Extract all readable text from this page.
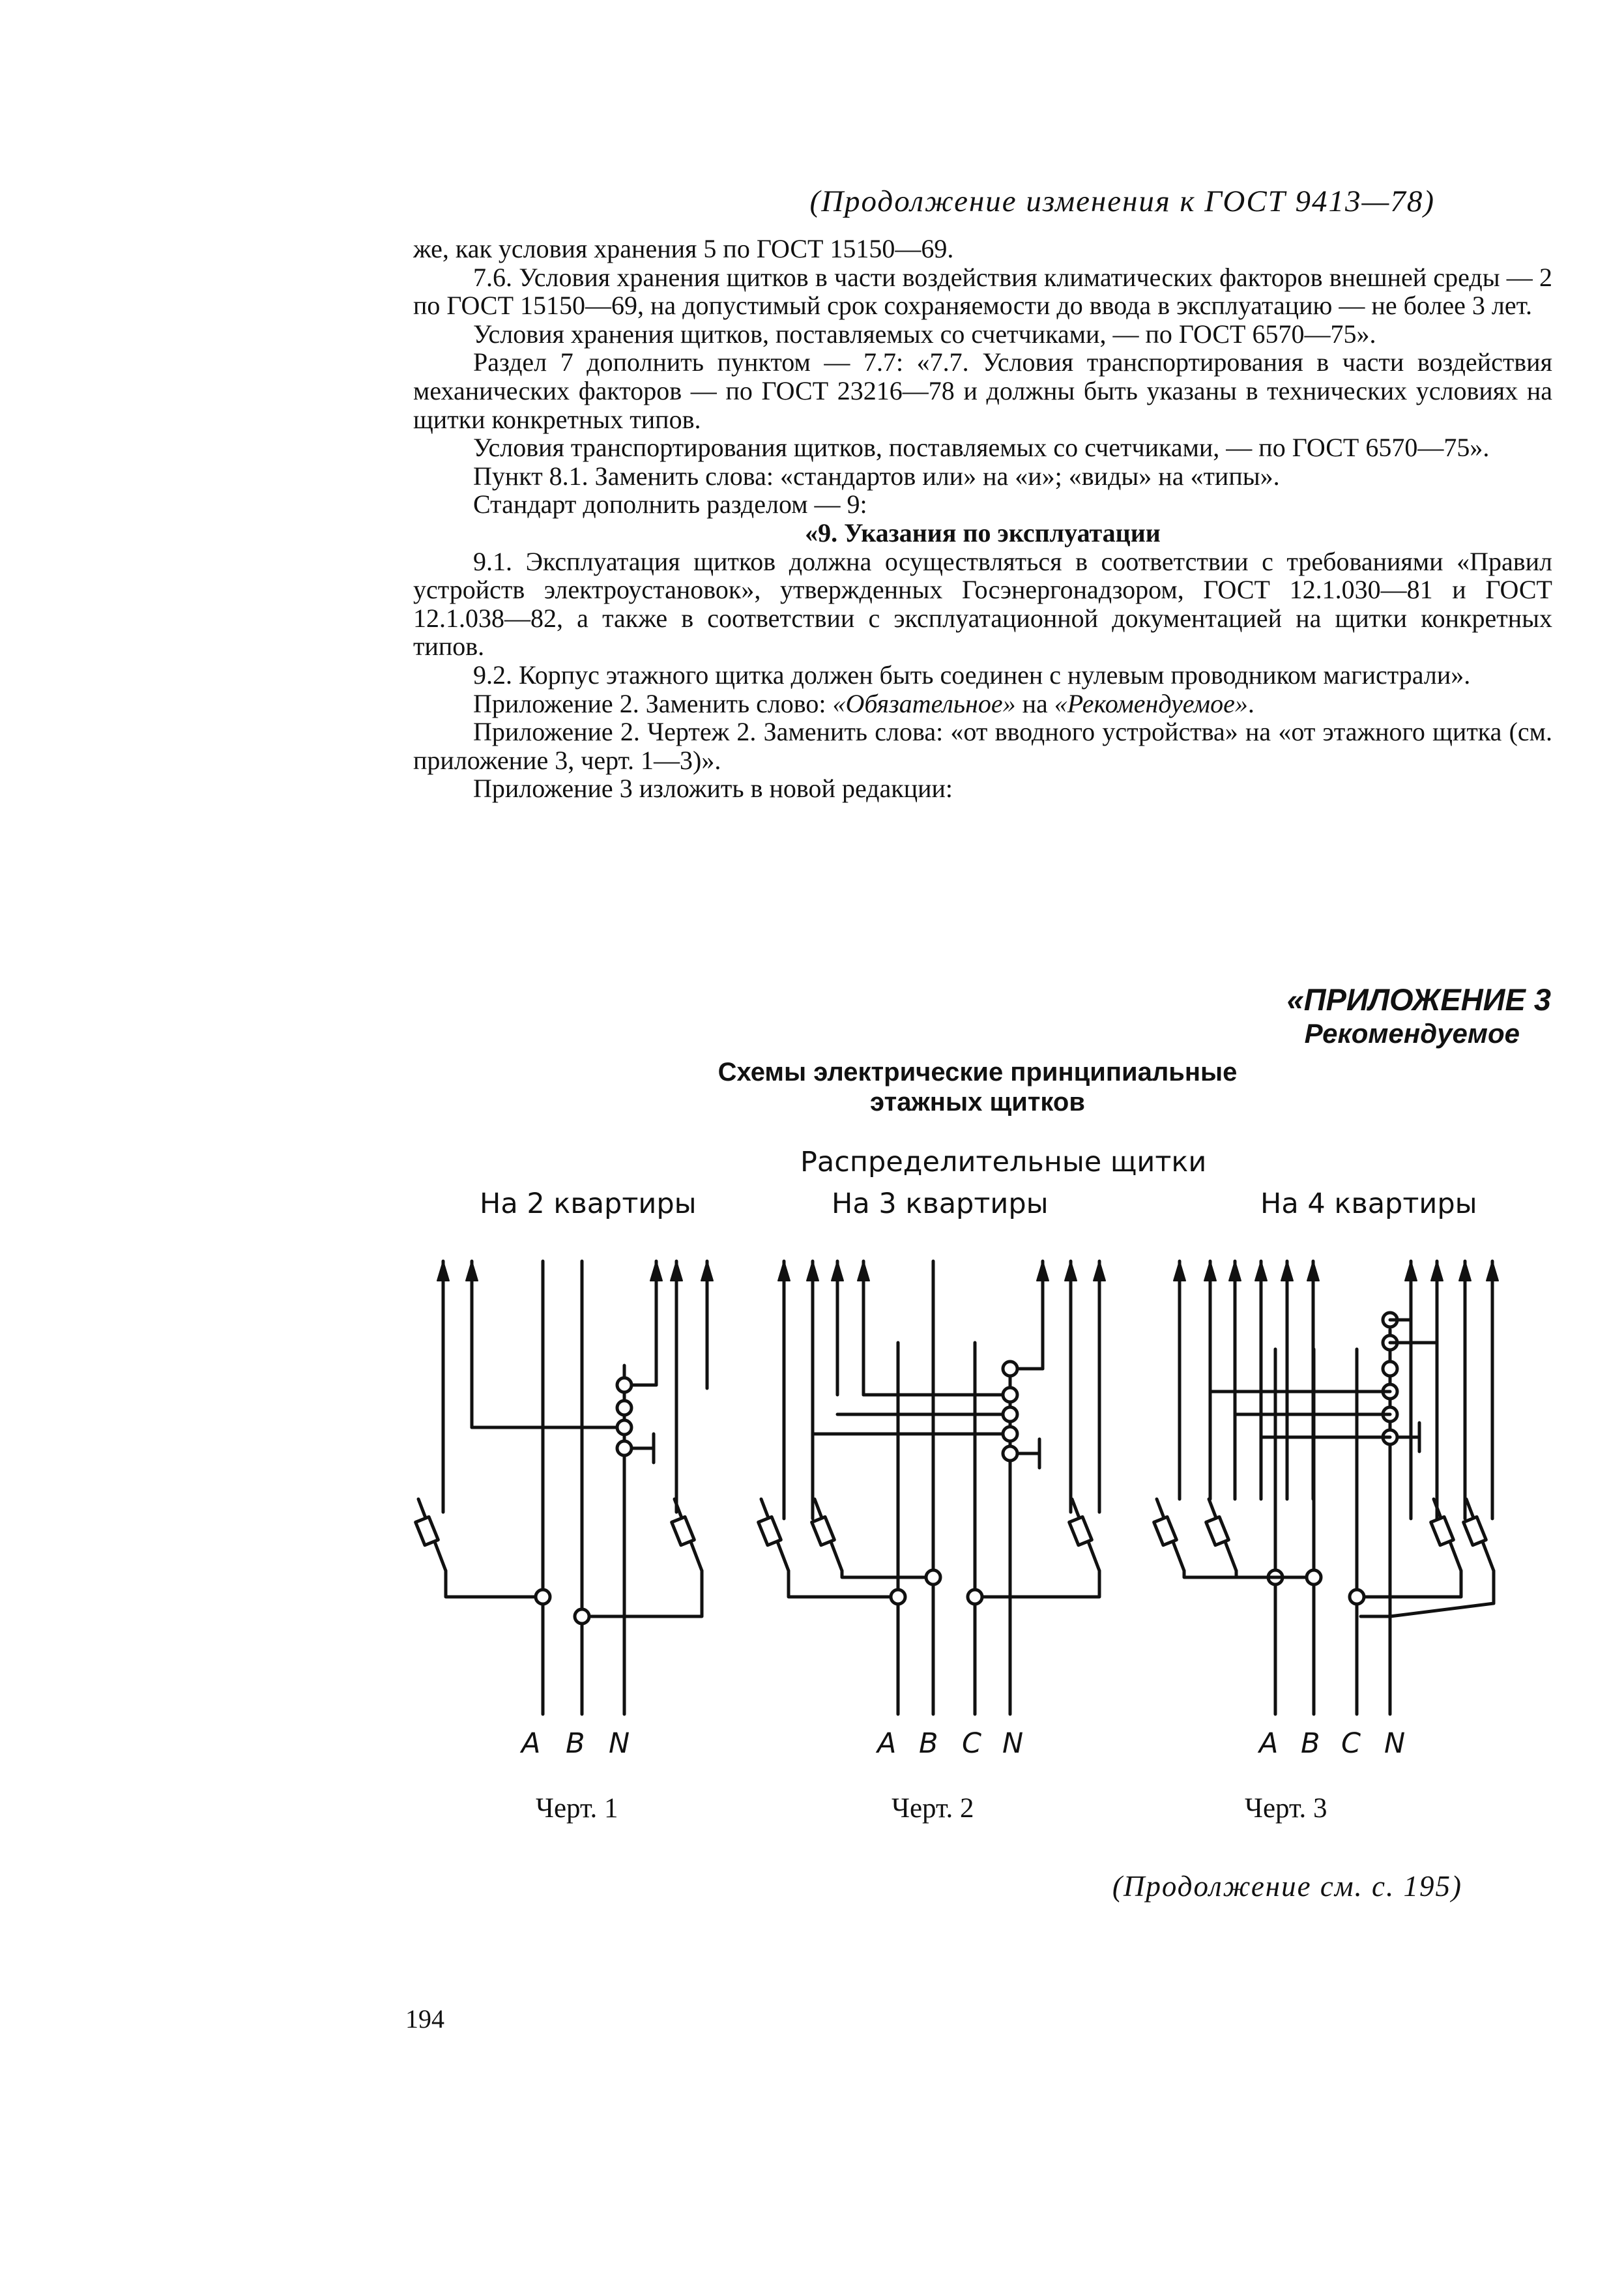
(Продолжение изменения к ГОСТ 9413—78)

же, как условия хранения 5 по ГОСТ 15150—69.

7.6. Условия хранения щитков в части воздействия климатических факторов внешней среды — 2 по ГОСТ 15150—69, на допустимый срок сохраняемости до ввода в эксплуатацию — не более 3 лет.

Условия хранения щитков, поставляемых со счетчиками, — по ГОСТ 6570—75».

Раздел 7 дополнить пунктом — 7.7: «7.7. Условия транспортирования в части воздействия механических факторов — по ГОСТ 23216—78 и должны быть указаны в технических условиях на щитки конкретных типов.

Условия транспортирования щитков, поставляемых со счетчиками, — по ГОСТ 6570—75».

Пункт 8.1. Заменить слова: «стандартов или» на «и»; «виды» на «типы».

Стандарт дополнить разделом — 9:

«9. Указания по эксплуатации

9.1. Эксплуатация щитков должна осуществляться в соответствии с требованиями «Правил устройств электроустановок», утвержденных Госэнергонадзором, ГОСТ 12.1.030—81 и ГОСТ 12.1.038—82, а также в соответствии с эксплуатационной документацией на щитки конкретных типов.

9.2. Корпус этажного щитка должен быть соединен с нулевым проводником магистрали».

Приложение 2. Заменить слово: «Обязательное» на «Рекомендуемое».

Приложение 2. Чертеж 2. Заменить слова: «от вводного устройства» на «от этажного щитка (см. приложение 3, черт. 1—3)».

Приложение 3 изложить в новой редакции:

«ПРИЛОЖЕНИЕ 3
Рекомендуемое
Схемы электрические принципиальные
этажных щитков
Распределительные щитки
На 2 квартиры	На 3 квартиры	На 4 квартиры
A B N	A B C N	A B C N
Черт. 1	Черт. 2	Черт. 3
(Продолжение см. с. 195)
194
